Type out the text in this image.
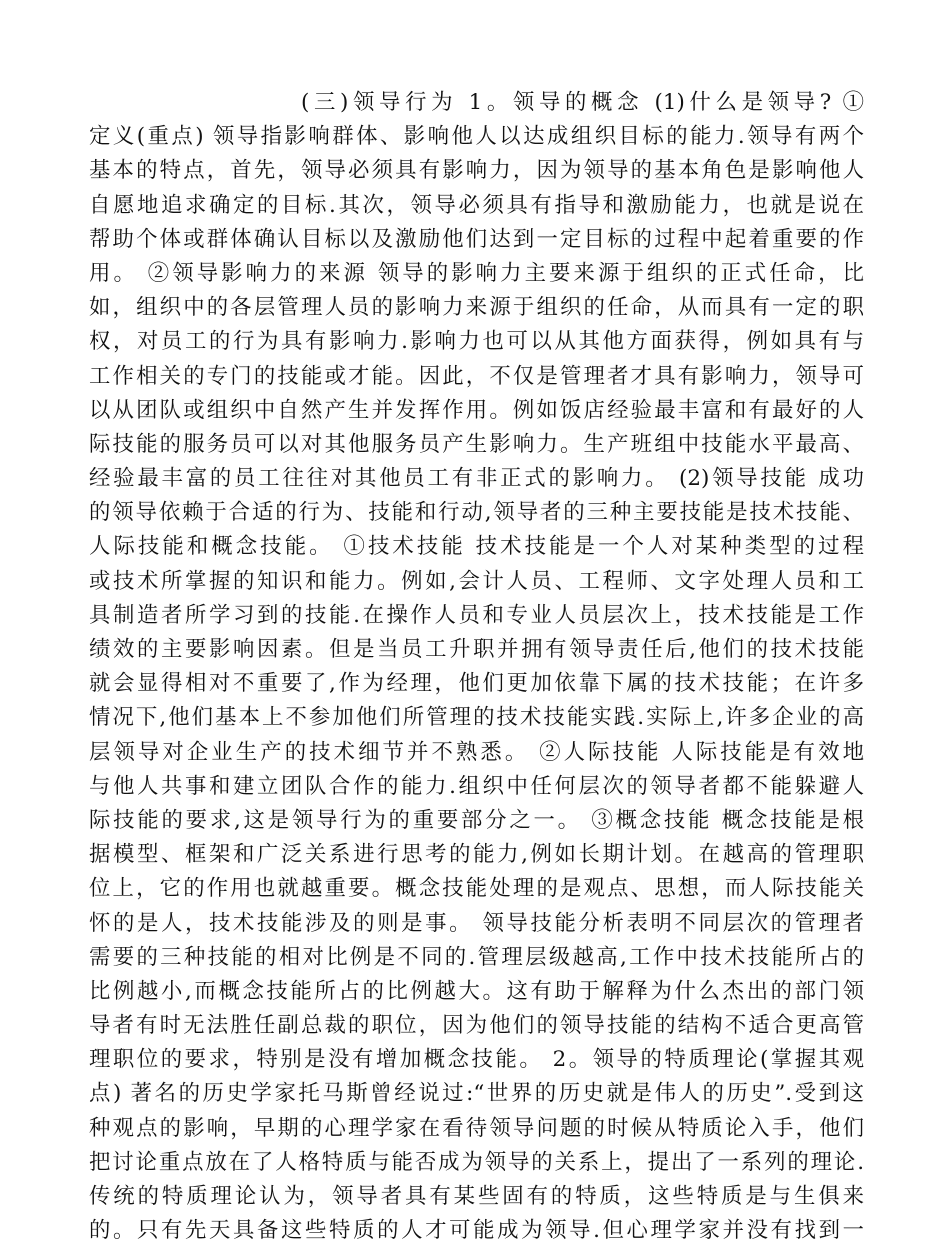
(三)领导行为 1。领导的概念 (1)什么是领导? ①
定义(重点) 领导指影响群体、影响他人以达成组织目标的能力.领导有两个
基本的特点，首先，领导必须具有影响力，因为领导的基本角色是影响他人
自愿地追求确定的目标.其次，领导必须具有指导和激励能力，也就是说在
帮助个体或群体确认目标以及激励他们达到一定目标的过程中起着重要的作
用。 ②领导影响力的来源 领导的影响力主要来源于组织的正式任命，比
如，组织中的各层管理人员的影响力来源于组织的任命，从而具有一定的职
权，对员工的行为具有影响力.影响力也可以从其他方面获得，例如具有与
工作相关的专门的技能或才能。因此，不仅是管理者才具有影响力，领导可
以从团队或组织中自然产生并发挥作用。例如饭店经验最丰富和有最好的人
际技能的服务员可以对其他服务员产生影响力。生产班组中技能水平最高、
经验最丰富的员工往往对其他员工有非正式的影响力。 (2)领导技能 成功
的领导依赖于合适的行为、技能和行动,领导者的三种主要技能是技术技能、
人际技能和概念技能。 ①技术技能 技术技能是一个人对某种类型的过程
或技术所掌握的知识和能力。例如,会计人员、工程师、文字处理人员和工
具制造者所学习到的技能.在操作人员和专业人员层次上，技术技能是工作
绩效的主要影响因素。但是当员工升职并拥有领导责任后,他们的技术技能
就会显得相对不重要了,作为经理，他们更加依靠下属的技术技能；在许多
情况下,他们基本上不参加他们所管理的技术技能实践.实际上,许多企业的高
层领导对企业生产的技术细节并不熟悉。 ②人际技能 人际技能是有效地
与他人共事和建立团队合作的能力.组织中任何层次的领导者都不能躲避人
际技能的要求,这是领导行为的重要部分之一。 ③概念技能 概念技能是根
据模型、框架和广泛关系进行思考的能力,例如长期计划。在越高的管理职
位上，它的作用也就越重要。概念技能处理的是观点、思想，而人际技能关
怀的是人，技术技能涉及的则是事。 领导技能分析表明不同层次的管理者
需要的三种技能的相对比例是不同的.管理层级越高,工作中技术技能所占的
比例越小,而概念技能所占的比例越大。这有助于解释为什么杰出的部门领
导者有时无法胜任副总裁的职位，因为他们的领导技能的结构不适合更高管
理职位的要求，特别是没有增加概念技能。 2。领导的特质理论(掌握其观
点) 著名的历史学家托马斯曾经说过:“世界的历史就是伟人的历史”.受到这
种观点的影响，早期的心理学家在看待领导问题的时候从特质论入手，他们
把讨论重点放在了人格特质与能否成为领导的关系上，提出了一系列的理论.
传统的特质理论认为，领导者具有某些固有的特质，这些特质是与生俱来
的。只有先天具备这些特质的人才可能成为领导.但心理学家并没有找到一
